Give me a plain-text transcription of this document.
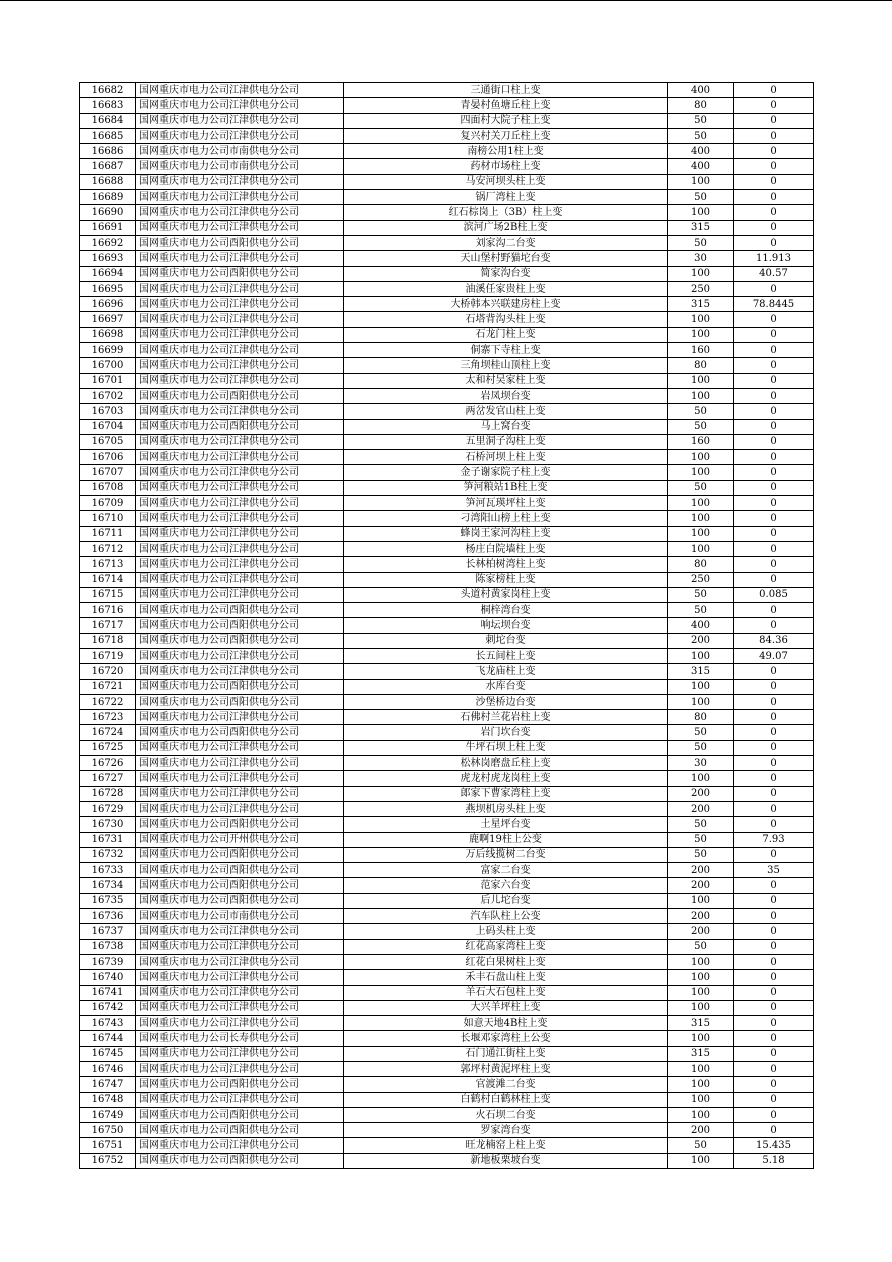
16682	国网重庆市电力公司江津供电分公司	三通街口柱上变	400	0
16683	国网重庆市电力公司江津供电分公司	青晏村鱼塘丘柱上变	80	0
16684	国网重庆市电力公司江津供电分公司	四面村大院子柱上变	50	0
16685	国网重庆市电力公司江津供电分公司	复兴村关刀丘柱上变	50	0
16686	国网重庆市电力公司市南供电分公司	南榜公用1柱上变	400	0
16687	国网重庆市电力公司市南供电分公司	药材市场柱上变	400	0
16688	国网重庆市电力公司江津供电分公司	马安河坝头柱上变	100	0
16689	国网重庆市电力公司江津供电分公司	锅厂湾柱上变	50	0
16690	国网重庆市电力公司江津供电分公司	红石棕岗上（3B）柱上变	100	0
16691	国网重庆市电力公司江津供电分公司	滨河广场2B柱上变	315	0
16692	国网重庆市电力公司酉阳供电分公司	刘家沟二台变	50	0
16693	国网重庆市电力公司江津供电分公司	天山堡村野猫坨台变	30	11.913
16694	国网重庆市电力公司酉阳供电分公司	简家沟台变	100	40.57
16695	国网重庆市电力公司江津供电分公司	油溪任家贵柱上变	250	0
16696	国网重庆市电力公司江津供电分公司	大桥韩本兴联建房柱上变	315	78.8445
16697	国网重庆市电力公司江津供电分公司	石塔背沟头柱上变	100	0
16698	国网重庆市电力公司江津供电分公司	石龙门柱上变	100	0
16699	国网重庆市电力公司江津供电分公司	侗寨下寺柱上变	160	0
16700	国网重庆市电力公司江津供电分公司	三角坝桂山顶柱上变	80	0
16701	国网重庆市电力公司江津供电分公司	太和村吴家柱上变	100	0
16702	国网重庆市电力公司酉阳供电分公司	岩凤坝台变	100	0
16703	国网重庆市电力公司江津供电分公司	两岔发官山柱上变	50	0
16704	国网重庆市电力公司酉阳供电分公司	马上窝台变	50	0
16705	国网重庆市电力公司江津供电分公司	五里洞子沟柱上变	160	0
16706	国网重庆市电力公司江津供电分公司	石桥河坝上柱上变	100	0
16707	国网重庆市电力公司江津供电分公司	金子谢家院子柱上变	100	0
16708	国网重庆市电力公司江津供电分公司	笋河粮站1B柱上变	50	0
16709	国网重庆市电力公司江津供电分公司	笋河瓦瑛坪柱上变	100	0
16710	国网重庆市电力公司江津供电分公司	刁湾阳山榜上柱上变	100	0
16711	国网重庆市电力公司江津供电分公司	蜂岗王家河沟柱上变	100	0
16712	国网重庆市电力公司江津供电分公司	杨庄白院墙柱上变	100	0
16713	国网重庆市电力公司江津供电分公司	长林柏树湾柱上变	80	0
16714	国网重庆市电力公司江津供电分公司	陈家榜柱上变	250	0
16715	国网重庆市电力公司江津供电分公司	头道村黄家岗柱上变	50	0.085
16716	国网重庆市电力公司酉阳供电分公司	桐梓湾台变	50	0
16717	国网重庆市电力公司酉阳供电分公司	响坛坝台变	400	0
16718	国网重庆市电力公司酉阳供电分公司	刺坨台变	200	84.36
16719	国网重庆市电力公司江津供电分公司	长五间柱上变	100	49.07
16720	国网重庆市电力公司江津供电分公司	飞龙庙柱上变	315	0
16721	国网重庆市电力公司酉阳供电分公司	水库台变	100	0
16722	国网重庆市电力公司酉阳供电分公司	沙堡桥边台变	100	0
16723	国网重庆市电力公司江津供电分公司	石佛村兰花岩柱上变	80	0
16724	国网重庆市电力公司酉阳供电分公司	岩门坎台变	50	0
16725	国网重庆市电力公司江津供电分公司	牛坪石坝上柱上变	50	0
16726	国网重庆市电力公司江津供电分公司	松林岗磨盘丘柱上变	30	0
16727	国网重庆市电力公司江津供电分公司	虎龙村虎龙岗柱上变	100	0
16728	国网重庆市电力公司江津供电分公司	郎家下曹家湾柱上变	200	0
16729	国网重庆市电力公司江津供电分公司	燕坝机房头柱上变	200	0
16730	国网重庆市电力公司酉阳供电分公司	土星坪台变	50	0
16731	国网重庆市电力公司开州供电分公司	鹿啊19柱上公变	50	7.93
16732	国网重庆市电力公司酉阳供电分公司	万后线揽树二台变	50	0
16733	国网重庆市电力公司酉阳供电分公司	富家二台变	200	35
16734	国网重庆市电力公司酉阳供电分公司	范家六台变	200	0
16735	国网重庆市电力公司酉阳供电分公司	后儿坨台变	100	0
16736	国网重庆市电力公司市南供电分公司	汽车队柱上公变	200	0
16737	国网重庆市电力公司江津供电分公司	上码头柱上变	200	0
16738	国网重庆市电力公司江津供电分公司	红花高家湾柱上变	50	0
16739	国网重庆市电力公司江津供电分公司	红花白果树柱上变	100	0
16740	国网重庆市电力公司江津供电分公司	禾丰石盘山柱上变	100	0
16741	国网重庆市电力公司江津供电分公司	羊石大石包柱上变	100	0
16742	国网重庆市电力公司江津供电分公司	大兴羊坪柱上变	100	0
16743	国网重庆市电力公司江津供电分公司	如意天地4B柱上变	315	0
16744	国网重庆市电力公司长寿供电分公司	长堰邓家湾柱上公变	100	0
16745	国网重庆市电力公司江津供电分公司	石门通江街柱上变	315	0
16746	国网重庆市电力公司江津供电分公司	郭坪村黄泥坪柱上变	100	0
16747	国网重庆市电力公司酉阳供电分公司	官渡滩二台变	100	0
16748	国网重庆市电力公司江津供电分公司	白鹤村白鹤林柱上变	100	0
16749	国网重庆市电力公司酉阳供电分公司	火石坝二台变	100	0
16750	国网重庆市电力公司酉阳供电分公司	罗家湾台变	200	0
16751	国网重庆市电力公司江津供电分公司	旺龙楠窑上柱上变	50	15.435
16752	国网重庆市电力公司酉阳供电分公司	新地板栗坡台变	100	5.18
